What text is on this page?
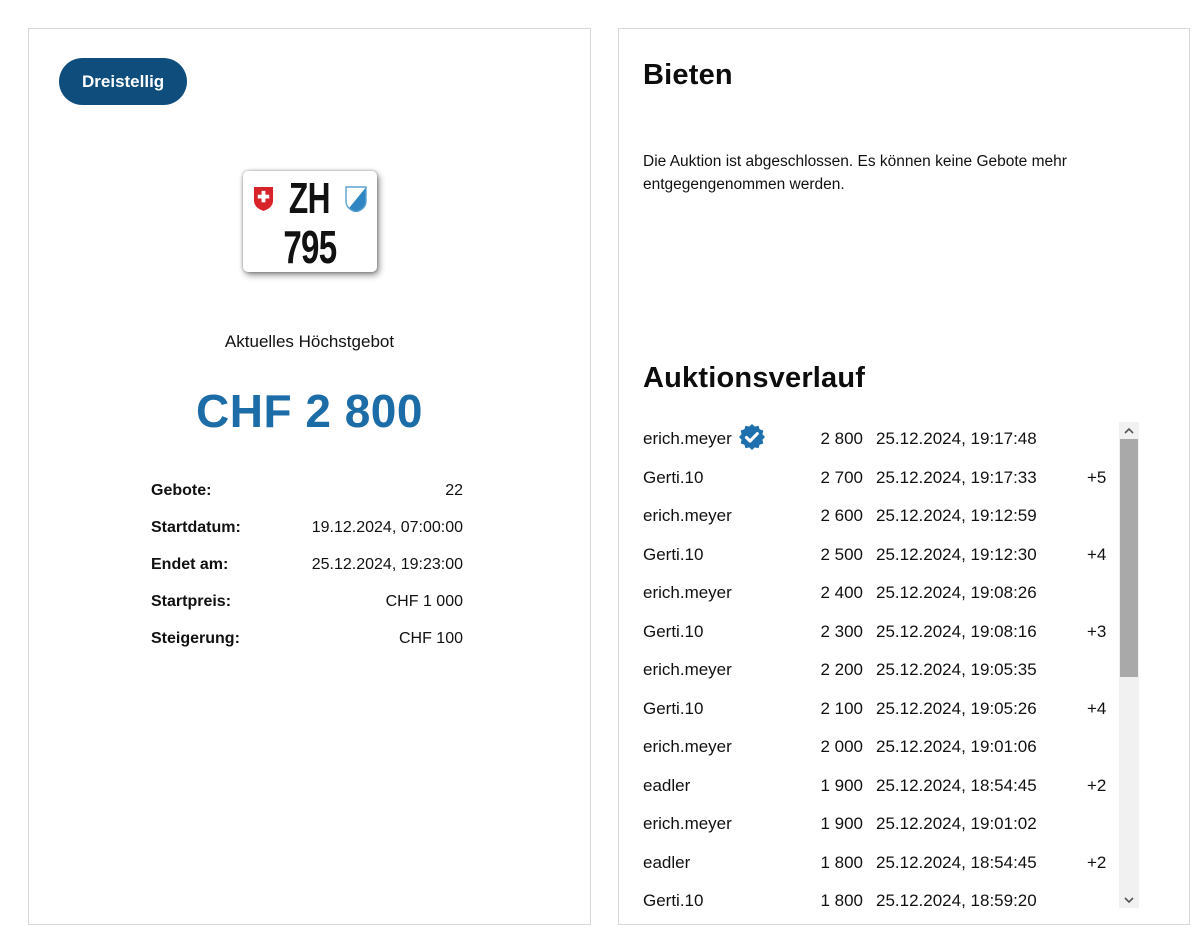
Dreistellig
ZH
795
Aktuelles Höchstgebot
CHF 2 800
Gebote:	22
Startdatum:	19.12.2024, 07:00:00
Endet am:	25.12.2024, 19:23:00
Startpreis:	CHF 1 000
Steigerung:	CHF 100
Bieten

Die Auktion ist abgeschlossen. Es können keine Gebote mehr entgegengenommen werden.

Auktionsverlauf
erich.meyer	2 800 25.12.2024, 19:17:48
Gerti.10	2 700 25.12.2024, 19:17:33	+5
erich.meyer	2 600 25.12.2024, 19:12:59
Gerti.10	2 500 25.12.2024, 19:12:30	+4
erich.meyer	2 400 25.12.2024, 19:08:26
Gerti.10	2 300 25.12.2024, 19:08:16	+3
erich.meyer	2 200 25.12.2024, 19:05:35
Gerti.10	2 100 25.12.2024, 19:05:26	+4
erich.meyer	2 000 25.12.2024, 19:01:06
eadler	1 900 25.12.2024, 18:54:45	+2
erich.meyer	1 900 25.12.2024, 19:01:02
eadler	1 800 25.12.2024, 18:54:45	+2
Gerti.10	1 800 25.12.2024, 18:59:20
